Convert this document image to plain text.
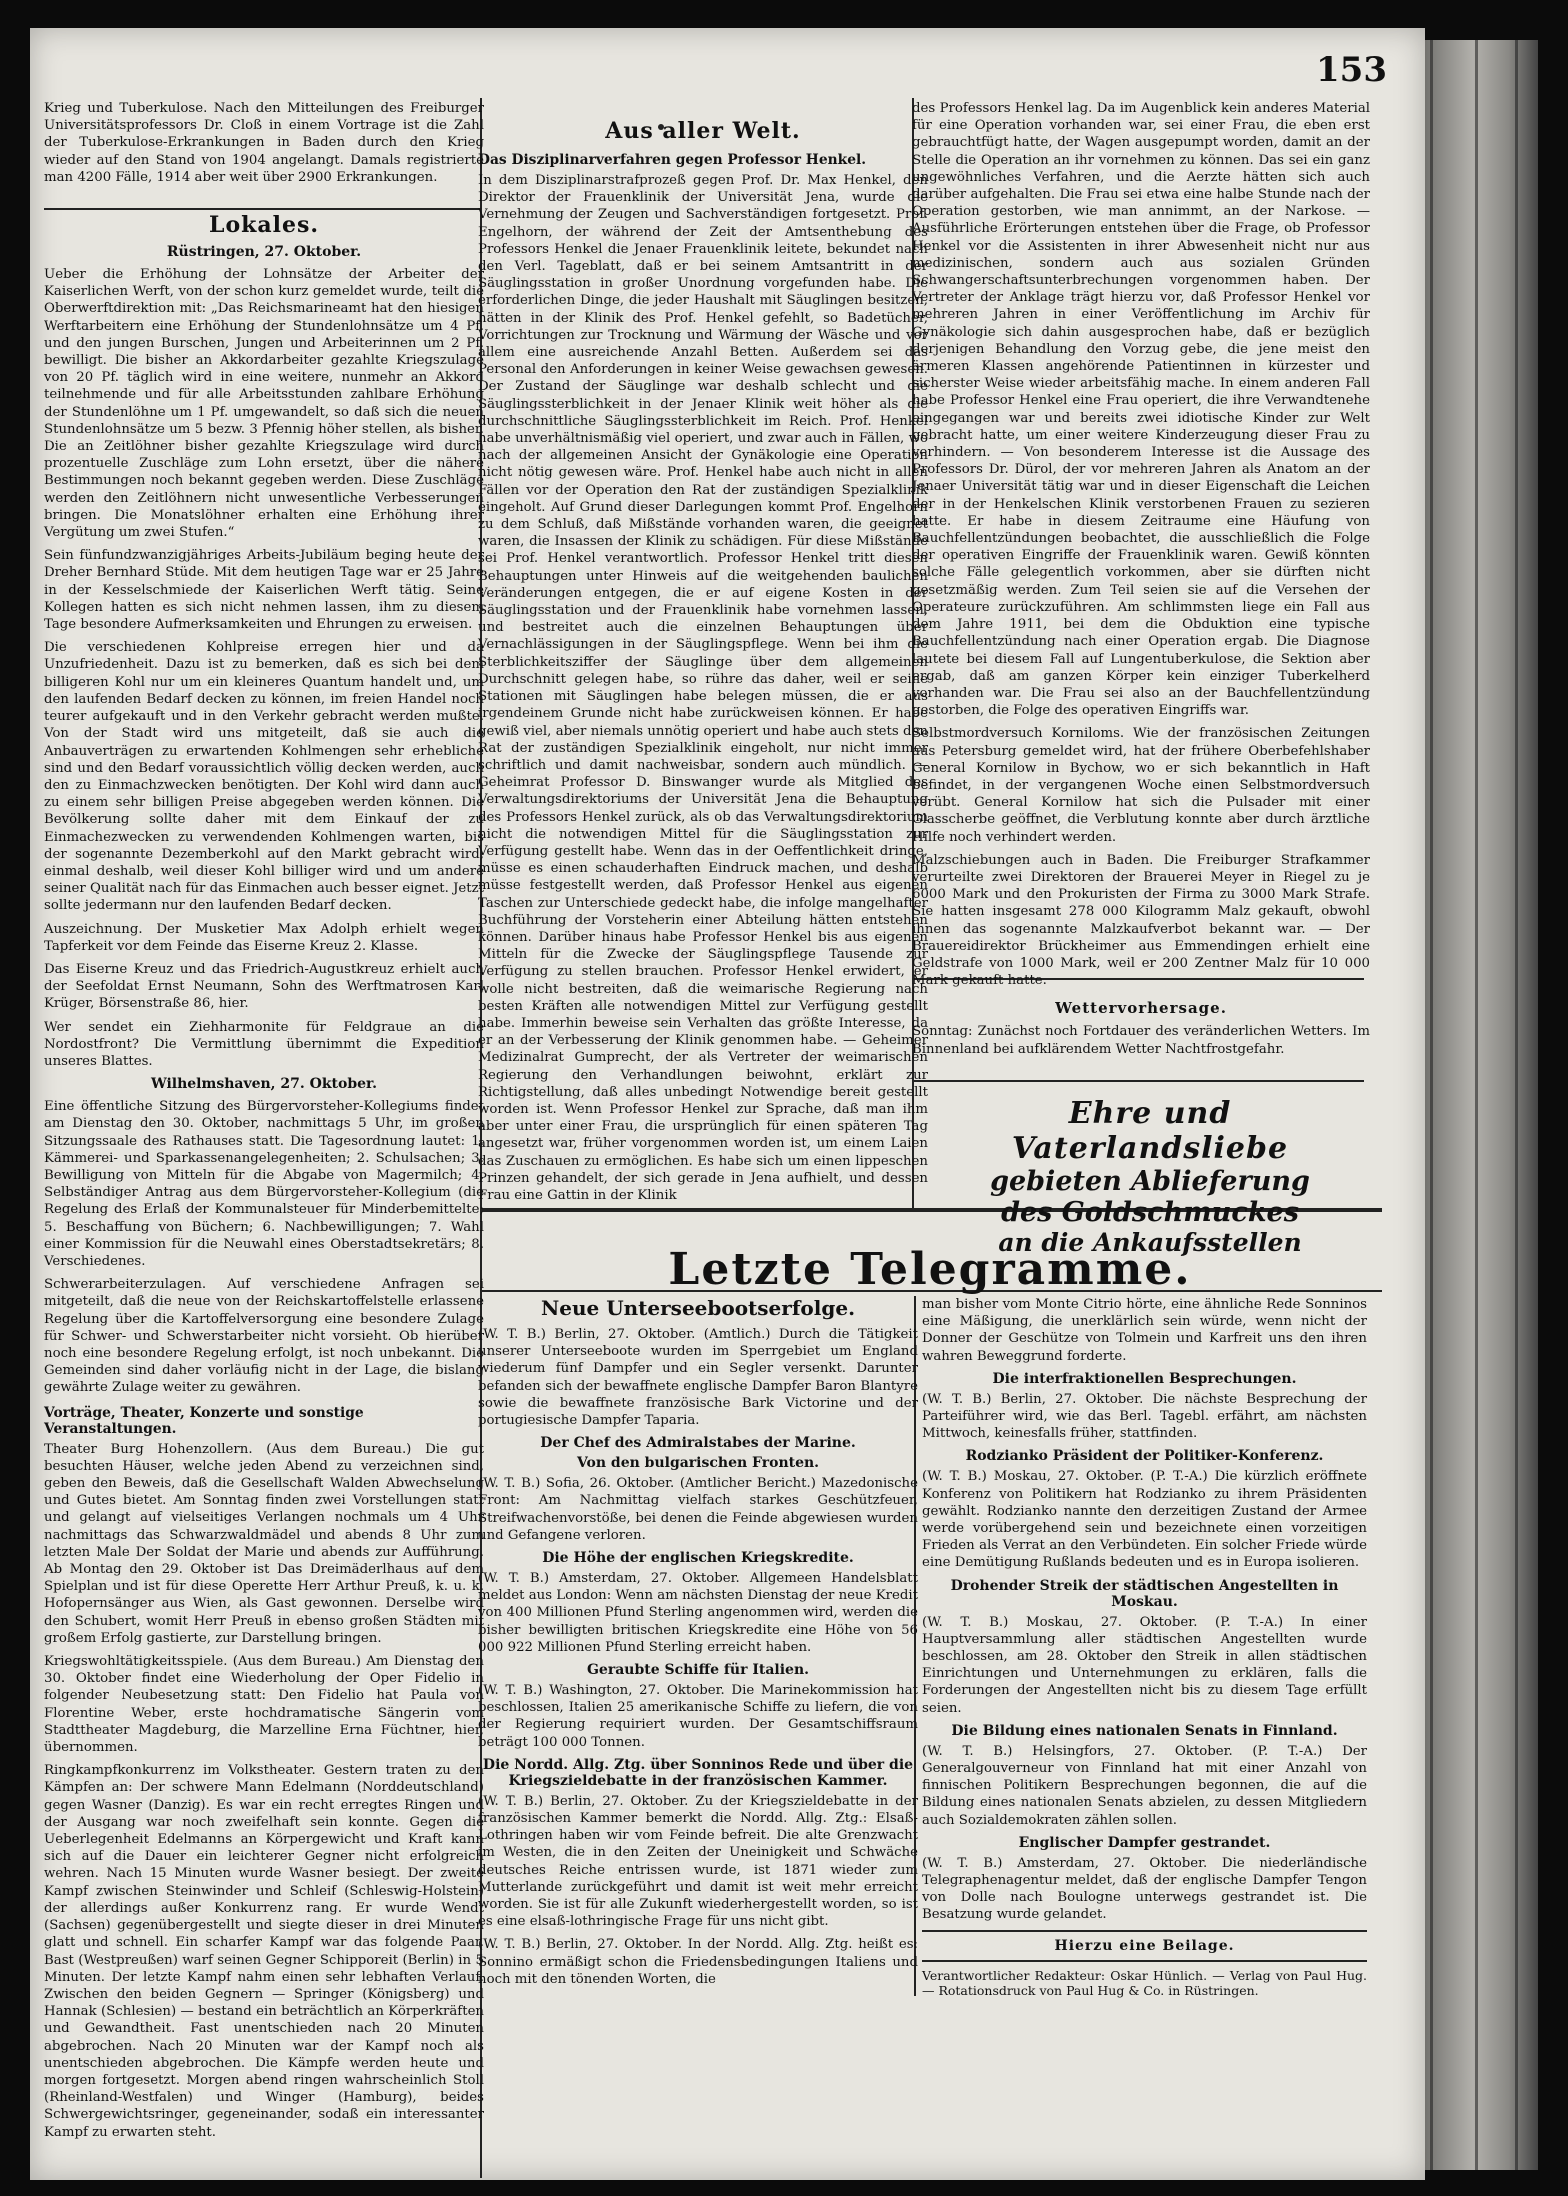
153

Krieg und Tuberkulose. Nach den Mitteilungen des Freiburger Universitätsprofessors Dr. Cloß in einem Vortrage ist die Zahl der Tuberkulose-Erkrankungen in Baden durch den Krieg wieder auf den Stand von 1904 angelangt. Damals registrierte man 4200 Fälle, 1914 aber weit über 2900 Erkrankungen.

Lokales.
Rüstringen, 27. Oktober.

Ueber die Erhöhung der Lohnsätze der Arbeiter der Kaiserlichen Werft, von der schon kurz gemeldet wurde, teilt die Oberwerftdirektion mit: „Das Reichsmarineamt hat den hiesigen Werftarbeitern eine Erhöhung der Stundenlohnsätze um 4 Pf. und den jungen Burschen, Jungen und Arbeiterinnen um 2 Pf. bewilligt. Die bisher an Akkordarbeiter gezahlte Kriegszulage von 20 Pf. täglich wird in eine weitere, nunmehr an Akkord teilnehmende und für alle Arbeitsstunden zahlbare Erhöhung der Stundenlöhne um 1 Pf. umgewandelt, so daß sich die neuen Stundenlohnsätze um 5 bezw. 3 Pfennig höher stellen, als bisher. Die an Zeitlöhner bisher gezahlte Kriegszulage wird durch prozentuelle Zuschläge zum Lohn ersetzt, über die nähere Bestimmungen noch bekannt gegeben werden. Diese Zuschläge werden den Zeitlöhnern nicht unwesentliche Verbesserungen bringen. Die Monatslöhner erhalten eine Erhöhung ihrer Vergütung um zwei Stufen.“

Sein fünfundzwanzigjähriges Arbeits-Jubiläum beging heute der Dreher Bernhard Stüde. Mit dem heutigen Tage war er 25 Jahre in der Kesselschmiede der Kaiserlichen Werft tätig. Seine Kollegen hatten es sich nicht nehmen lassen, ihm zu diesem Tage besondere Aufmerksamkeiten und Ehrungen zu erweisen.

Die verschiedenen Kohlpreise erregen hier und da Unzufriedenheit. Dazu ist zu bemerken, daß es sich bei dem billigeren Kohl nur um ein kleineres Quantum handelt und, um den laufenden Bedarf decken zu können, im freien Handel noch teurer aufgekauft und in den Verkehr gebracht werden mußte. Von der Stadt wird uns mitgeteilt, daß sie auch die Anbauverträgen zu erwartenden Kohlmengen sehr erhebliche sind und den Bedarf voraussichtlich völlig decken werden, auch den zu Einmachzwecken benötigten. Der Kohl wird dann auch zu einem sehr billigen Preise abgegeben werden können. Die Bevölkerung sollte daher mit dem Einkauf der zu Einmachezwecken zu verwendenden Kohlmengen warten, bis der sogenannte Dezemberkohl auf den Markt gebracht wird, einmal deshalb, weil dieser Kohl billiger wird und um andere seiner Qualität nach für das Einmachen auch besser eignet. Jetzt sollte jedermann nur den laufenden Bedarf decken.

Auszeichnung. Der Musketier Max Adolph erhielt wegen Tapferkeit vor dem Feinde das Eiserne Kreuz 2. Klasse.

Das Eiserne Kreuz und das Friedrich-Augustkreuz erhielt auch der Seefoldat Ernst Neumann, Sohn des Werftmatrosen Karl Krüger, Börsenstraße 86, hier.

Wer sendet ein Ziehharmonite für Feldgraue an die Nordostfront? Die Vermittlung übernimmt die Expedition unseres Blattes.

Wilhelmshaven, 27. Oktober.

Eine öffentliche Sitzung des Bürgervorsteher-Kollegiums findet am Dienstag den 30. Oktober, nachmittags 5 Uhr, im großen Sitzungssaale des Rathauses statt. Die Tagesordnung lautet: 1. Kämmerei- und Sparkassenangelegenheiten; 2. Schulsachen; 3. Bewilligung von Mitteln für die Abgabe von Magermilch; 4. Selbständiger Antrag aus dem Bürgervorsteher-Kollegium (die Regelung des Erlaß der Kommunalsteuer für Minderbemittelte; 5. Beschaffung von Büchern; 6. Nachbewilligungen; 7. Wahl einer Kommission für die Neuwahl eines Oberstadtsekretärs; 8. Verschiedenes.

Schwerarbeiterzulagen. Auf verschiedene Anfragen sei mitgeteilt, daß die neue von der Reichskartoffelstelle erlassene Regelung über die Kartoffelversorgung eine besondere Zulage für Schwer- und Schwerstarbeiter nicht vorsieht. Ob hierüber noch eine besondere Regelung erfolgt, ist noch unbekannt. Die Gemeinden sind daher vorläufig nicht in der Lage, die bislang gewährte Zulage weiter zu gewähren.

Vorträge, Theater, Konzerte und sonstige Veranstaltungen.

Theater Burg Hohenzollern. (Aus dem Bureau.) Die gut besuchten Häuser, welche jeden Abend zu verzeichnen sind, geben den Beweis, daß die Gesellschaft Walden Abwechselung und Gutes bietet. Am Sonntag finden zwei Vorstellungen statt und gelangt auf vielseitiges Verlangen nochmals um 4 Uhr nachmittags das Schwarzwaldmädel und abends 8 Uhr zum letzten Male Der Soldat der Marie und abends zur Aufführung. Ab Montag den 29. Oktober ist Das Dreimäderlhaus auf dem Spielplan und ist für diese Operette Herr Arthur Preuß, k. u. k. Hofopernsänger aus Wien, als Gast gewonnen. Derselbe wird den Schubert, womit Herr Preuß in ebenso großen Städten mit großem Erfolg gastierte, zur Darstellung bringen.

Kriegswohltätigkeitsspiele. (Aus dem Bureau.) Am Dienstag den 30. Oktober findet eine Wiederholung der Oper Fidelio in folgender Neubesetzung statt: Den Fidelio hat Paula von Florentine Weber, erste hochdramatische Sängerin vom Stadttheater Magdeburg, die Marzelline Erna Füchtner, hier, übernommen.

Ringkampfkonkurrenz im Volkstheater. Gestern traten zu den Kämpfen an: Der schwere Mann Edelmann (Norddeutschland) gegen Wasner (Danzig). Es war ein recht erregtes Ringen und der Ausgang war noch zweifelhaft sein konnte. Gegen die Ueberlegenheit Edelmanns an Körpergewicht und Kraft kann sich auf die Dauer ein leichterer Gegner nicht erfolgreich wehren. Nach 15 Minuten wurde Wasner besiegt. Der zweite Kampf zwischen Steinwinder und Schleif (Schleswig-Holstein) der allerdings außer Konkurrenz rang. Er wurde Wendt (Sachsen) gegenübergestellt und siegte dieser in drei Minuten glatt und schnell. Ein scharfer Kampf war das folgende Paar. Bast (Westpreußen) warf seinen Gegner Schipporeit (Berlin) in 5 Minuten. Der letzte Kampf nahm einen sehr lebhaften Verlauf. Zwischen den beiden Gegnern — Springer (Königsberg) und Hannak (Schlesien) — bestand ein beträchtlich an Körperkräften und Gewandtheit. Fast unentschieden nach 20 Minuten abgebrochen. Nach 20 Minuten war der Kampf noch als unentschieden abgebrochen. Die Kämpfe werden heute und morgen fortgesetzt. Morgen abend ringen wahrscheinlich Stoll (Rheinland-Westfalen) und Winger (Hamburg), beides Schwergewichtsringer, gegeneinander, sodaß ein interessanter Kampf zu erwarten steht.

Aus aller Welt.
Das Disziplinarverfahren gegen Professor Henkel.

In dem Disziplinarstrafprozeß gegen Prof. Dr. Max Henkel, den Direktor der Frauenklinik der Universität Jena, wurde die Vernehmung der Zeugen und Sachverständigen fortgesetzt. Prof. Engelhorn, der während der Zeit der Amtsenthebung des Professors Henkel die Jenaer Frauenklinik leitete, bekundet nach den Verl. Tageblatt, daß er bei seinem Amtsantritt in der Säuglingsstation in großer Unordnung vorgefunden habe. Die erforderlichen Dinge, die jeder Haushalt mit Säuglingen besitzen, hätten in der Klinik des Prof. Henkel gefehlt, so Badetücher, Vorrichtungen zur Trocknung und Wärmung der Wäsche und vor allem eine ausreichende Anzahl Betten. Außerdem sei das Personal den Anforderungen in keiner Weise gewachsen gewesen. Der Zustand der Säuglinge war deshalb schlecht und die Säuglingssterblichkeit in der Jenaer Klinik weit höher als die durchschnittliche Säuglingssterblichkeit im Reich. Prof. Henkel habe unverhältnismäßig viel operiert, und zwar auch in Fällen, wo nach der allgemeinen Ansicht der Gynäkologie eine Operation nicht nötig gewesen wäre. Prof. Henkel habe auch nicht in allen Fällen vor der Operation den Rat der zuständigen Spezialklinik eingeholt. Auf Grund dieser Darlegungen kommt Prof. Engelhorn zu dem Schluß, daß Mißstände vorhanden waren, die geeignet waren, die Insassen der Klinik zu schädigen. Für diese Mißstände sei Prof. Henkel verantwortlich. Professor Henkel tritt diesen Behauptungen unter Hinweis auf die weitgehenden baulichen Veränderungen entgegen, die er auf eigene Kosten in der Säuglingsstation und der Frauenklinik habe vornehmen lassen, und bestreitet auch die einzelnen Behauptungen über Vernachlässigungen in der Säuglingspflege. Wenn bei ihm die Sterblichkeitsziffer der Säuglinge über dem allgemeinen Durchschnitt gelegen habe, so rühre das daher, weil er seine Stationen mit Säuglingen habe belegen müssen, die er aus irgendeinem Grunde nicht habe zurückweisen können. Er habe gewiß viel, aber niemals unnötig operiert und habe auch stets den Rat der zuständigen Spezialklinik eingeholt, nur nicht immer schriftlich und damit nachweisbar, sondern auch mündlich. — Geheimrat Professor D. Binswanger wurde als Mitglied des Verwaltungsdirektoriums der Universität Jena die Behauptung des Professors Henkel zurück, als ob das Verwaltungsdirektorium nicht die notwendigen Mittel für die Säuglingsstation zur Verfügung gestellt habe. Wenn das in der Oeffentlichkeit dringe, müsse es einen schauderhaften Eindruck machen, und deshalb müsse festgestellt werden, daß Professor Henkel aus eigenen Taschen zur Unterschiede gedeckt habe, die infolge mangelhafter Buchführung der Vorsteherin einer Abteilung hätten entstehen können. Darüber hinaus habe Professor Henkel bis aus eigenen Mitteln für die Zwecke der Säuglingspflege Tausende zur Verfügung zu stellen brauchen. Professor Henkel erwidert, er wolle nicht bestreiten, daß die weimarische Regierung nach besten Kräften alle notwendigen Mittel zur Verfügung gestellt habe. Immerhin beweise sein Verhalten das größte Interesse, da er an der Verbesserung der Klinik genommen habe. — Geheimer Medizinalrat Gumprecht, der als Vertreter der weimarischen Regierung den Verhandlungen beiwohnt, erklärt zur Richtigstellung, daß alles unbedingt Notwendige bereit gestellt worden ist. Wenn Professor Henkel zur Sprache, daß man ihm aber unter einer Frau, die ursprünglich für einen späteren Tag angesetzt war, früher vorgenommen worden ist, um einem Laien das Zuschauen zu ermöglichen. Es habe sich um einen lippeschen Prinzen gehandelt, der sich gerade in Jena aufhielt, und dessen Frau eine Gattin in der Klinik

des Professors Henkel lag. Da im Augenblick kein anderes Material für eine Operation vorhanden war, sei einer Frau, die eben erst gebrauchtfügt hatte, der Wagen ausgepumpt worden, damit an der Stelle die Operation an ihr vornehmen zu können. Das sei ein ganz ungewöhnliches Verfahren, und die Aerzte hätten sich auch darüber aufgehalten. Die Frau sei etwa eine halbe Stunde nach der Operation gestorben, wie man annimmt, an der Narkose. — Ausführliche Erörterungen entstehen über die Frage, ob Professor Henkel vor die Assistenten in ihrer Abwesenheit nicht nur aus medizinischen, sondern auch aus sozialen Gründen Schwangerschaftsunterbrechungen vorgenommen haben. Der Vertreter der Anklage trägt hierzu vor, daß Professor Henkel vor mehreren Jahren in einer Veröffentlichung im Archiv für Gynäkologie sich dahin ausgesprochen habe, daß er bezüglich derjenigen Behandlung den Vorzug gebe, die jene meist den ärmeren Klassen angehörende Patientinnen in kürzester und sicherster Weise wieder arbeitsfähig mache. In einem anderen Fall habe Professor Henkel eine Frau operiert, die ihre Verwandtenehe eingegangen war und bereits zwei idiotische Kinder zur Welt gebracht hatte, um einer weitere Kinderzeugung dieser Frau zu verhindern. — Von besonderem Interesse ist die Aussage des Professors Dr. Dürol, der vor mehreren Jahren als Anatom an der Jenaer Universität tätig war und in dieser Eigenschaft die Leichen der in der Henkelschen Klinik verstorbenen Frauen zu sezieren hatte. Er habe in diesem Zeitraume eine Häufung von Bauchfellentzündungen beobachtet, die ausschließlich die Folge der operativen Eingriffe der Frauenklinik waren. Gewiß könnten solche Fälle gelegentlich vorkommen, aber sie dürften nicht gesetzmäßig werden. Zum Teil seien sie auf die Versehen der Operateure zurückzuführen. Am schlimmsten liege ein Fall aus dem Jahre 1911, bei dem die Obduktion eine typische Bauchfellentzündung nach einer Operation ergab. Die Diagnose lautete bei diesem Fall auf Lungentuberkulose, die Sektion aber ergab, daß am ganzen Körper kein einziger Tuberkelherd vorhanden war. Die Frau sei also an der Bauchfellentzündung gestorben, die Folge des operativen Eingriffs war.

Selbstmordversuch Korniloms. Wie der französischen Zeitungen aus Petersburg gemeldet wird, hat der frühere Oberbefehlshaber General Kornilow in Bychow, wo er sich bekanntlich in Haft befindet, in der vergangenen Woche einen Selbstmordversuch verübt. General Kornilow hat sich die Pulsader mit einer Glasscherbe geöffnet, die Verblutung konnte aber durch ärztliche Hilfe noch verhindert werden.

Malzschiebungen auch in Baden. Die Freiburger Strafkammer verurteilte zwei Direktoren der Brauerei Meyer in Riegel zu je 6000 Mark und den Prokuristen der Firma zu 3000 Mark Strafe. Sie hatten insgesamt 278 000 Kilogramm Malz gekauft, obwohl ihnen das sogenannte Malzkaufverbot bekannt war. — Der Brauereidirektor Brückheimer aus Emmendingen erhielt eine Geldstrafe von 1000 Mark, weil er 200 Zentner Malz für 10 000 Mark gekauft hatte.

Wettervorhersage.

Sonntag: Zunächst noch Fortdauer des veränderlichen Wetters. Im Binnenland bei aufklärendem Wetter Nachtfrostgefahr.

Ehre und Vaterlandsliebe
gebieten Ablieferung
des Goldschmuckes
an die Ankaufsstellen
Letzte Telegramme.
Neue Unterseebootserfolge.

(W. T. B.) Berlin, 27. Oktober. (Amtlich.) Durch die Tätigkeit unserer Unterseeboote wurden im Sperrgebiet um England wiederum fünf Dampfer und ein Segler versenkt. Darunter befanden sich der bewaffnete englische Dampfer Baron Blantyre sowie die bewaffnete französische Bark Victorine und der portugiesische Dampfer Taparia.

Der Chef des Admiralstabes der Marine.
Von den bulgarischen Fronten.

(W. T. B.) Sofia, 26. Oktober. (Amtlicher Bericht.) Mazedonische Front: Am Nachmittag vielfach starkes Geschützfeuer, Streifwachenvorstöße, bei denen die Feinde abgewiesen wurden und Gefangene verloren.

Die Höhe der englischen Kriegskredite.

(W. T. B.) Amsterdam, 27. Oktober. Allgemeen Handelsblatt meldet aus London: Wenn am nächsten Dienstag der neue Kredit von 400 Millionen Pfund Sterling angenommen wird, werden die bisher bewilligten britischen Kriegskredite eine Höhe von 56 000 922 Millionen Pfund Sterling erreicht haben.

Geraubte Schiffe für Italien.

(W. T. B.) Washington, 27. Oktober. Die Marinekommission hat beschlossen, Italien 25 amerikanische Schiffe zu liefern, die von der Regierung requiriert wurden. Der Gesamtschiffsraum beträgt 100 000 Tonnen.

Die Nordd. Allg. Ztg. über Sonninos Rede und über die Kriegszieldebatte in der französischen Kammer.

(W. T. B.) Berlin, 27. Oktober. Zu der Kriegszieldebatte in der französischen Kammer bemerkt die Nordd. Allg. Ztg.: Elsaß-Lothringen haben wir vom Feinde befreit. Die alte Grenzwacht im Westen, die in den Zeiten der Uneinigkeit und Schwäche deutsches Reiche entrissen wurde, ist 1871 wieder zum Mutterlande zurückgeführt und damit ist weit mehr erreicht worden. Sie ist für alle Zukunft wiederhergestellt worden, so ist es eine elsaß-lothringische Frage für uns nicht gibt.

(W. T. B.) Berlin, 27. Oktober. In der Nordd. Allg. Ztg. heißt es: Sonnino ermäßigt schon die Friedensbedingungen Italiens und noch mit den tönenden Worten, die

man bisher vom Monte Citrio hörte, eine ähnliche Rede Sonninos eine Mäßigung, die unerklärlich sein würde, wenn nicht der Donner der Geschütze von Tolmein und Karfreit uns den ihren wahren Beweggrund forderte.

Die interfraktionellen Besprechungen.

(W. T. B.) Berlin, 27. Oktober. Die nächste Besprechung der Parteiführer wird, wie das Berl. Tagebl. erfährt, am nächsten Mittwoch, keinesfalls früher, stattfinden.

Rodzianko Präsident der Politiker-Konferenz.

(W. T. B.) Moskau, 27. Oktober. (P. T.-A.) Die kürzlich eröffnete Konferenz von Politikern hat Rodzianko zu ihrem Präsidenten gewählt. Rodzianko nannte den derzeitigen Zustand der Armee werde vorübergehend sein und bezeichnete einen vorzeitigen Frieden als Verrat an den Verbündeten. Ein solcher Friede würde eine Demütigung Rußlands bedeuten und es in Europa isolieren.

Drohender Streik der städtischen Angestellten in Moskau.

(W. T. B.) Moskau, 27. Oktober. (P. T.-A.) In einer Hauptversammlung aller städtischen Angestellten wurde beschlossen, am 28. Oktober den Streik in allen städtischen Einrichtungen und Unternehmungen zu erklären, falls die Forderungen der Angestellten nicht bis zu diesem Tage erfüllt seien.

Die Bildung eines nationalen Senats in Finnland.

(W. T. B.) Helsingfors, 27. Oktober. (P. T.-A.) Der Generalgouverneur von Finnland hat mit einer Anzahl von finnischen Politikern Besprechungen begonnen, die auf die Bildung eines nationalen Senats abzielen, zu dessen Mitgliedern auch Sozialdemokraten zählen sollen.

Englischer Dampfer gestrandet.

(W. T. B.) Amsterdam, 27. Oktober. Die niederländische Telegraphenagentur meldet, daß der englische Dampfer Tengon von Dolle nach Boulogne unterwegs gestrandet ist. Die Besatzung wurde gelandet.

Hierzu eine Beilage.

Verantwortlicher Redakteur: Oskar Hünlich. — Verlag von Paul Hug. — Rotationsdruck von Paul Hug & Co. in Rüstringen.
